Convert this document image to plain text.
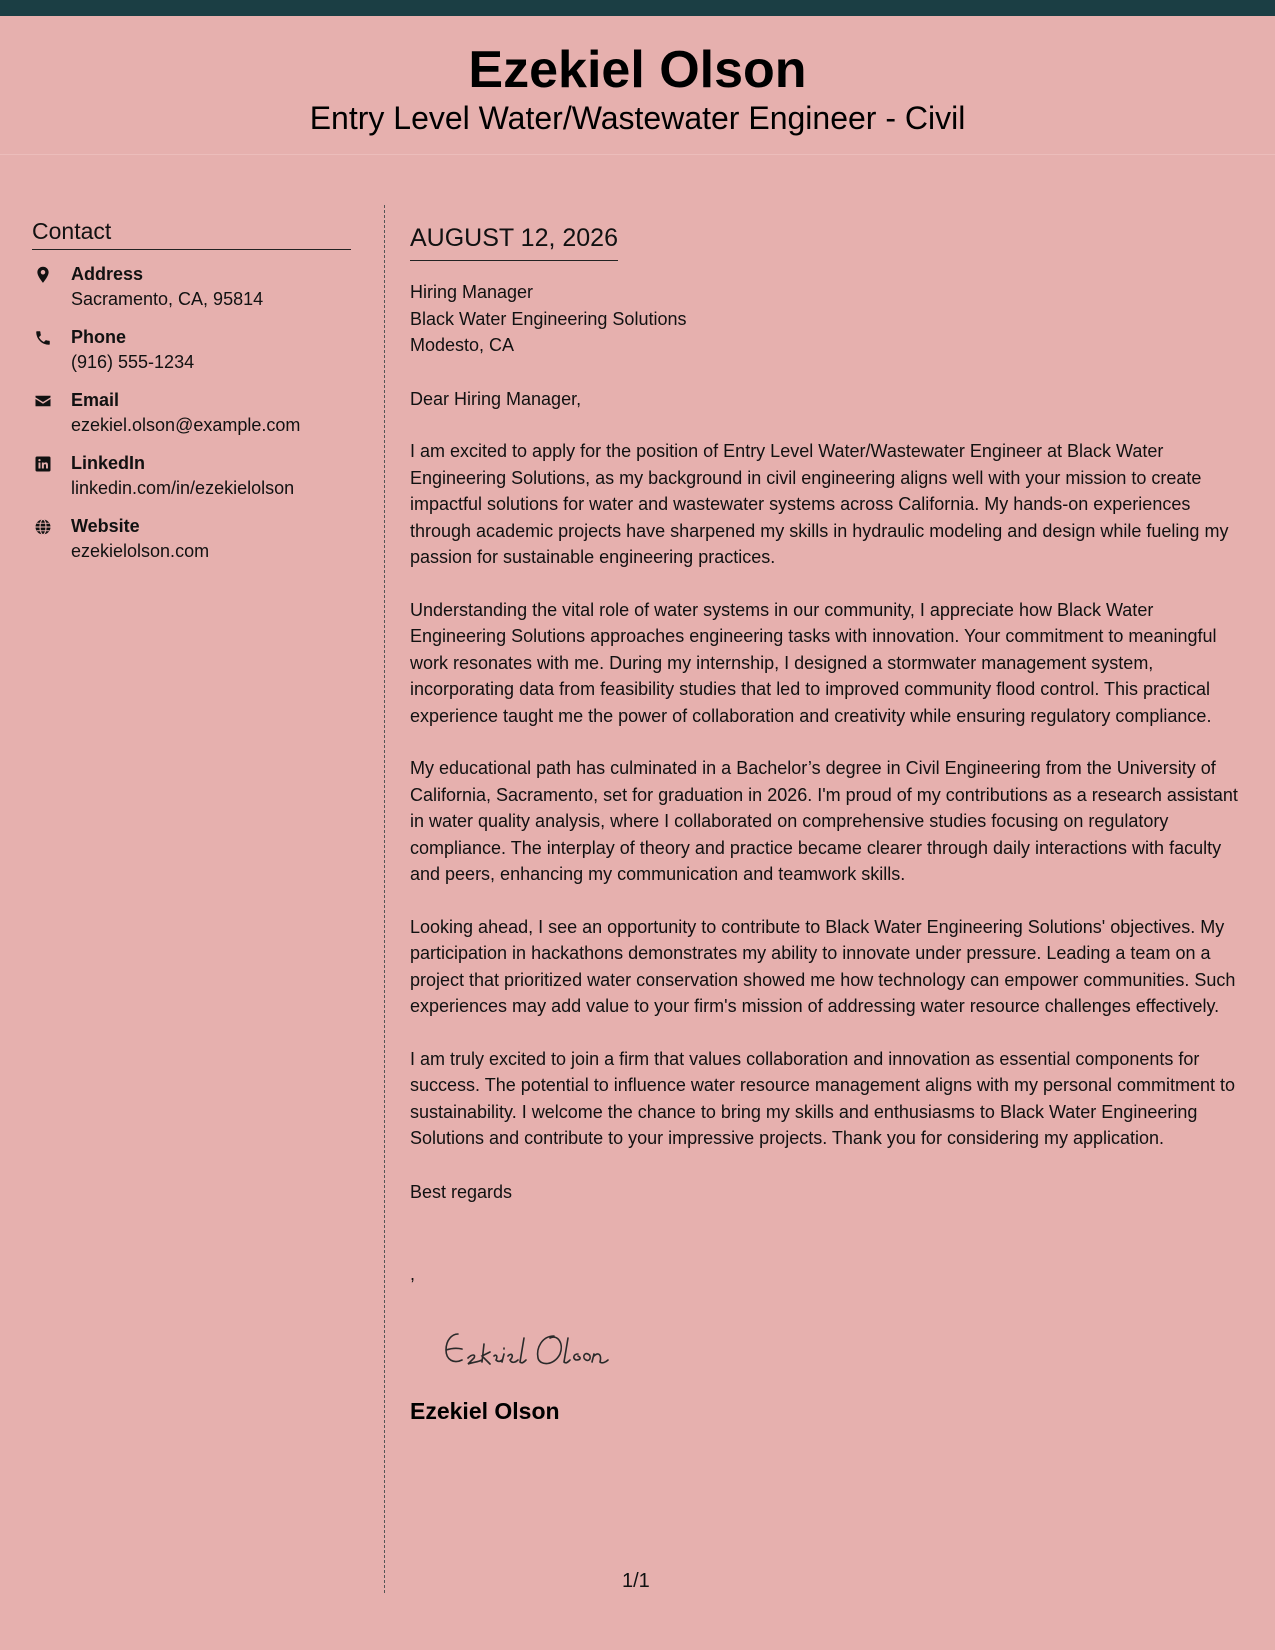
Ezekiel Olson
Entry Level Water/Wastewater Engineer - Civil
Contact
Address
Sacramento, CA, 95814
Phone
(916) 555-1234
Email
ezekiel.olson@example.com
LinkedIn
linkedin.com/in/ezekielolson
Website
ezekielolson.com
AUGUST 12, 2026
Hiring Manager
Black Water Engineering Solutions
Modesto, CA
Dear Hiring Manager,

I am excited to apply for the position of Entry Level Water/Wastewater Engineer at Black Water Engineering Solutions, as my background in civil engineering aligns well with your mission to create impactful solutions for water and wastewater systems across California. My hands-on experiences through academic projects have sharpened my skills in hydraulic modeling and design while fueling my passion for sustainable engineering practices.

Understanding the vital role of water systems in our community, I appreciate how Black Water Engineering Solutions approaches engineering tasks with innovation. Your commitment to meaningful work resonates with me. During my internship, I designed a stormwater management system, incorporating data from feasibility studies that led to improved community flood control. This practical experience taught me the power of collaboration and creativity while ensuring regulatory compliance.

My educational path has culminated in a Bachelor’s degree in Civil Engineering from the University of California, Sacramento, set for graduation in 2026. I'm proud of my contributions as a research assistant in water quality analysis, where I collaborated on comprehensive studies focusing on regulatory compliance. The interplay of theory and practice became clearer through daily interactions with faculty and peers, enhancing my communication and teamwork skills.

Looking ahead, I see an opportunity to contribute to Black Water Engineering Solutions' objectives. My participation in hackathons demonstrates my ability to innovate under pressure. Leading a team on a project that prioritized water conservation showed me how technology can empower communities. Such experiences may add value to your firm's mission of addressing water resource challenges effectively.

I am truly excited to join a firm that values collaboration and innovation as essential components for success. The potential to influence water resource management aligns with my personal commitment to sustainability. I welcome the chance to bring my skills and enthusiasms to Black Water Engineering Solutions and contribute to your impressive projects. Thank you for considering my application.

Best regards
,
Ezekiel Olson
1/1
